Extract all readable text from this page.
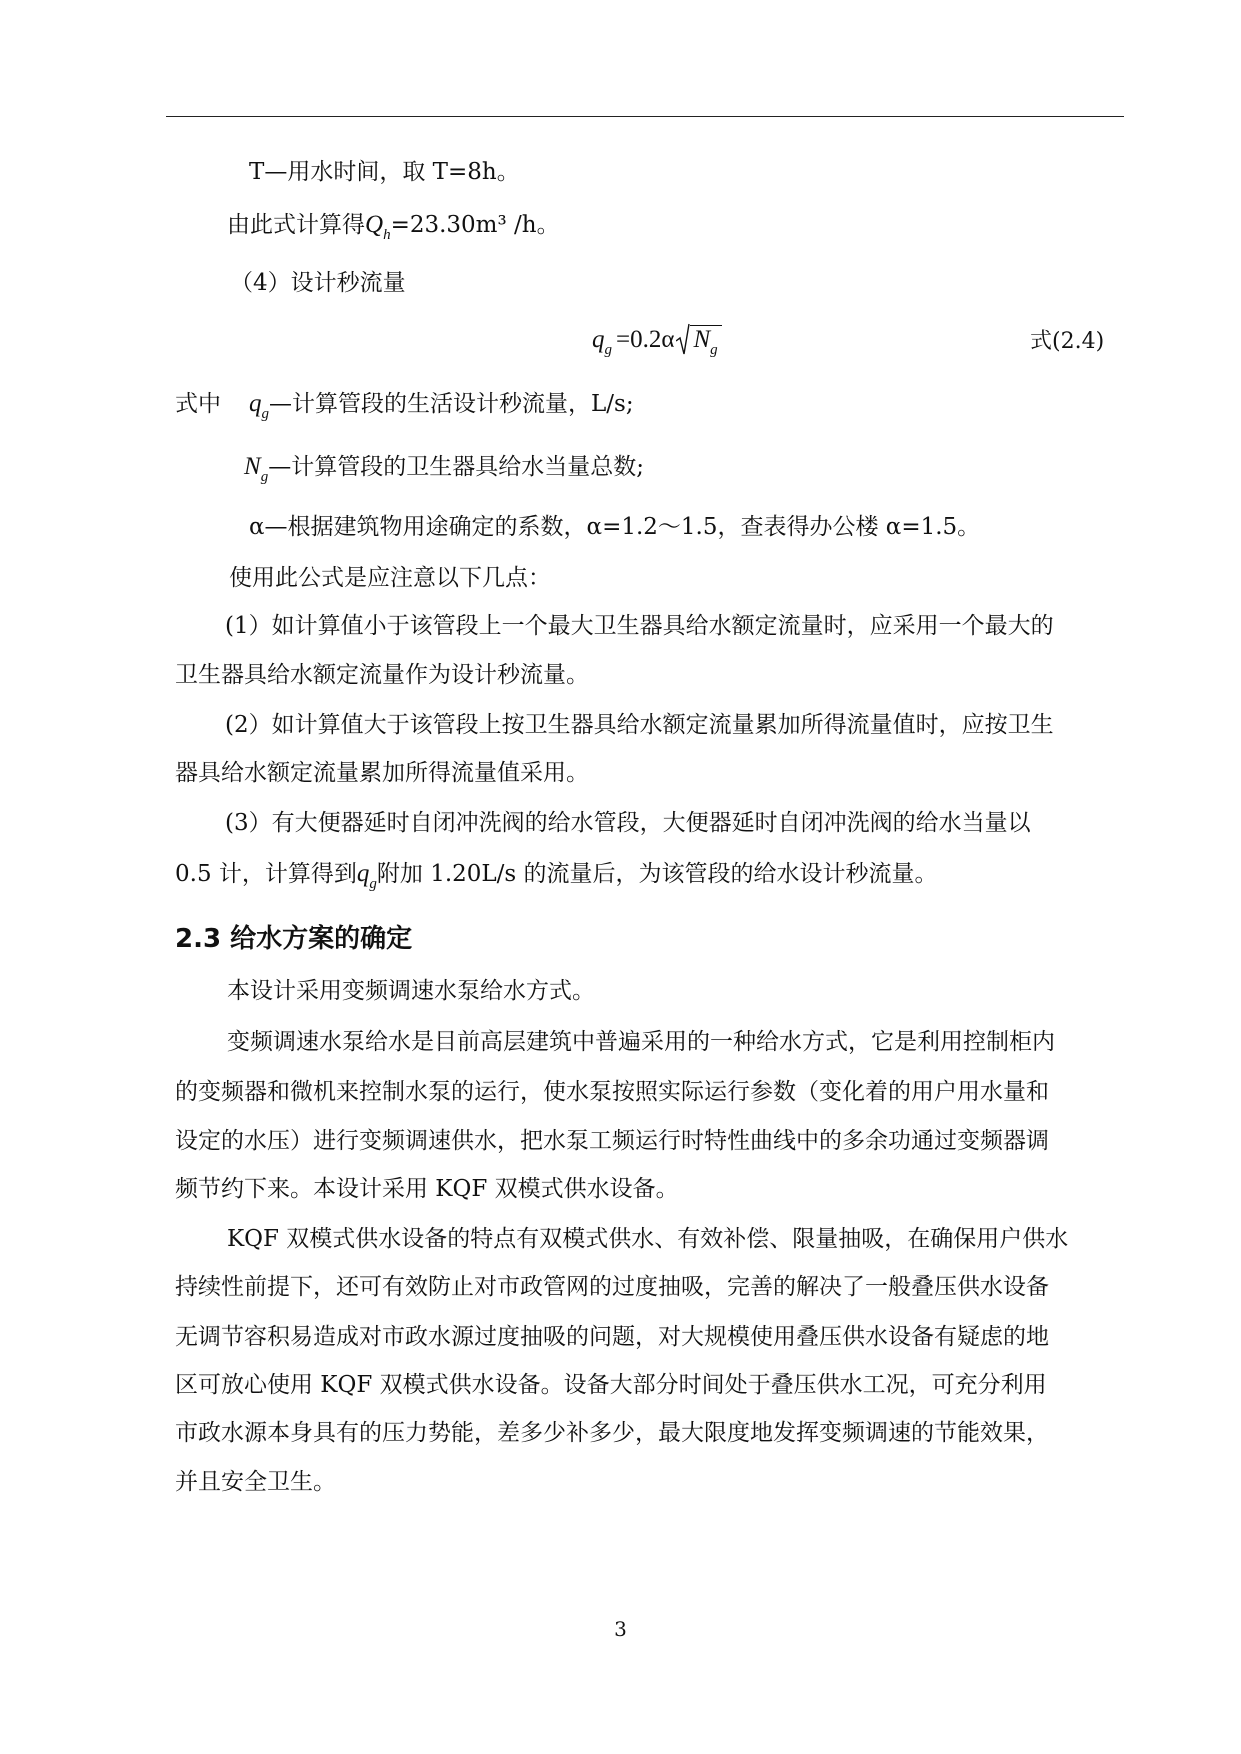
T—用水时间，取 T=8h。
由此式计算得$Q_h=23.30m^3$ /h。
（4）设计秒流量
$q_g =0.2\alpha$ $N_g$	式(2.4)
式中 $q_g—$计算管段的生活设计秒流量，L/s;
$N_g—$计算管段的卫生器具给水当量总数;
α—根据建筑物用途确定的系数，α=1.2～1.5，查表得办公楼 α=1.5。
使用此公式是应注意以下几点：
(1）如计算值小于该管段上一个最大卫生器具给水额定流量时，应采用一个最大的
卫生器具给水额定流量作为设计秒流量。
(2）如计算值大于该管段上按卫生器具给水额定流量累加所得流量值时，应按卫生
器具给水额定流量累加所得流量值采用。
(3）有大便器延时自闭冲洗阀的给水管段，大便器延时自闭冲洗阀的给水当量以
0.5 计，计算得到$q_g$附加 1.20L/s 的流量后，为该管段的给水设计秒流量。
2.3 给水方案的确定
本设计采用变频调速水泵给水方式。
变频调速水泵给水是目前高层建筑中普遍采用的一种给水方式，它是利用控制柜内
的变频器和微机来控制水泵的运行，使水泵按照实际运行参数（变化着的用户用水量和
设定的水压）进行变频调速供水，把水泵工频运行时特性曲线中的多余功通过变频器调
频节约下来。本设计采用 KQF 双模式供水设备。
KQF 双模式供水设备的特点有双模式供水、有效补偿、限量抽吸，在确保用户供水
持续性前提下，还可有效防止对市政管网的过度抽吸，完善的解决了一般叠压供水设备
无调节容积易造成对市政水源过度抽吸的问题，对大规模使用叠压供水设备有疑虑的地
区可放心使用 KQF 双模式供水设备。设备大部分时间处于叠压供水工况，可充分利用
市政水源本身具有的压力势能，差多少补多少，最大限度地发挥变频调速的节能效果，
并且安全卫生。
3
